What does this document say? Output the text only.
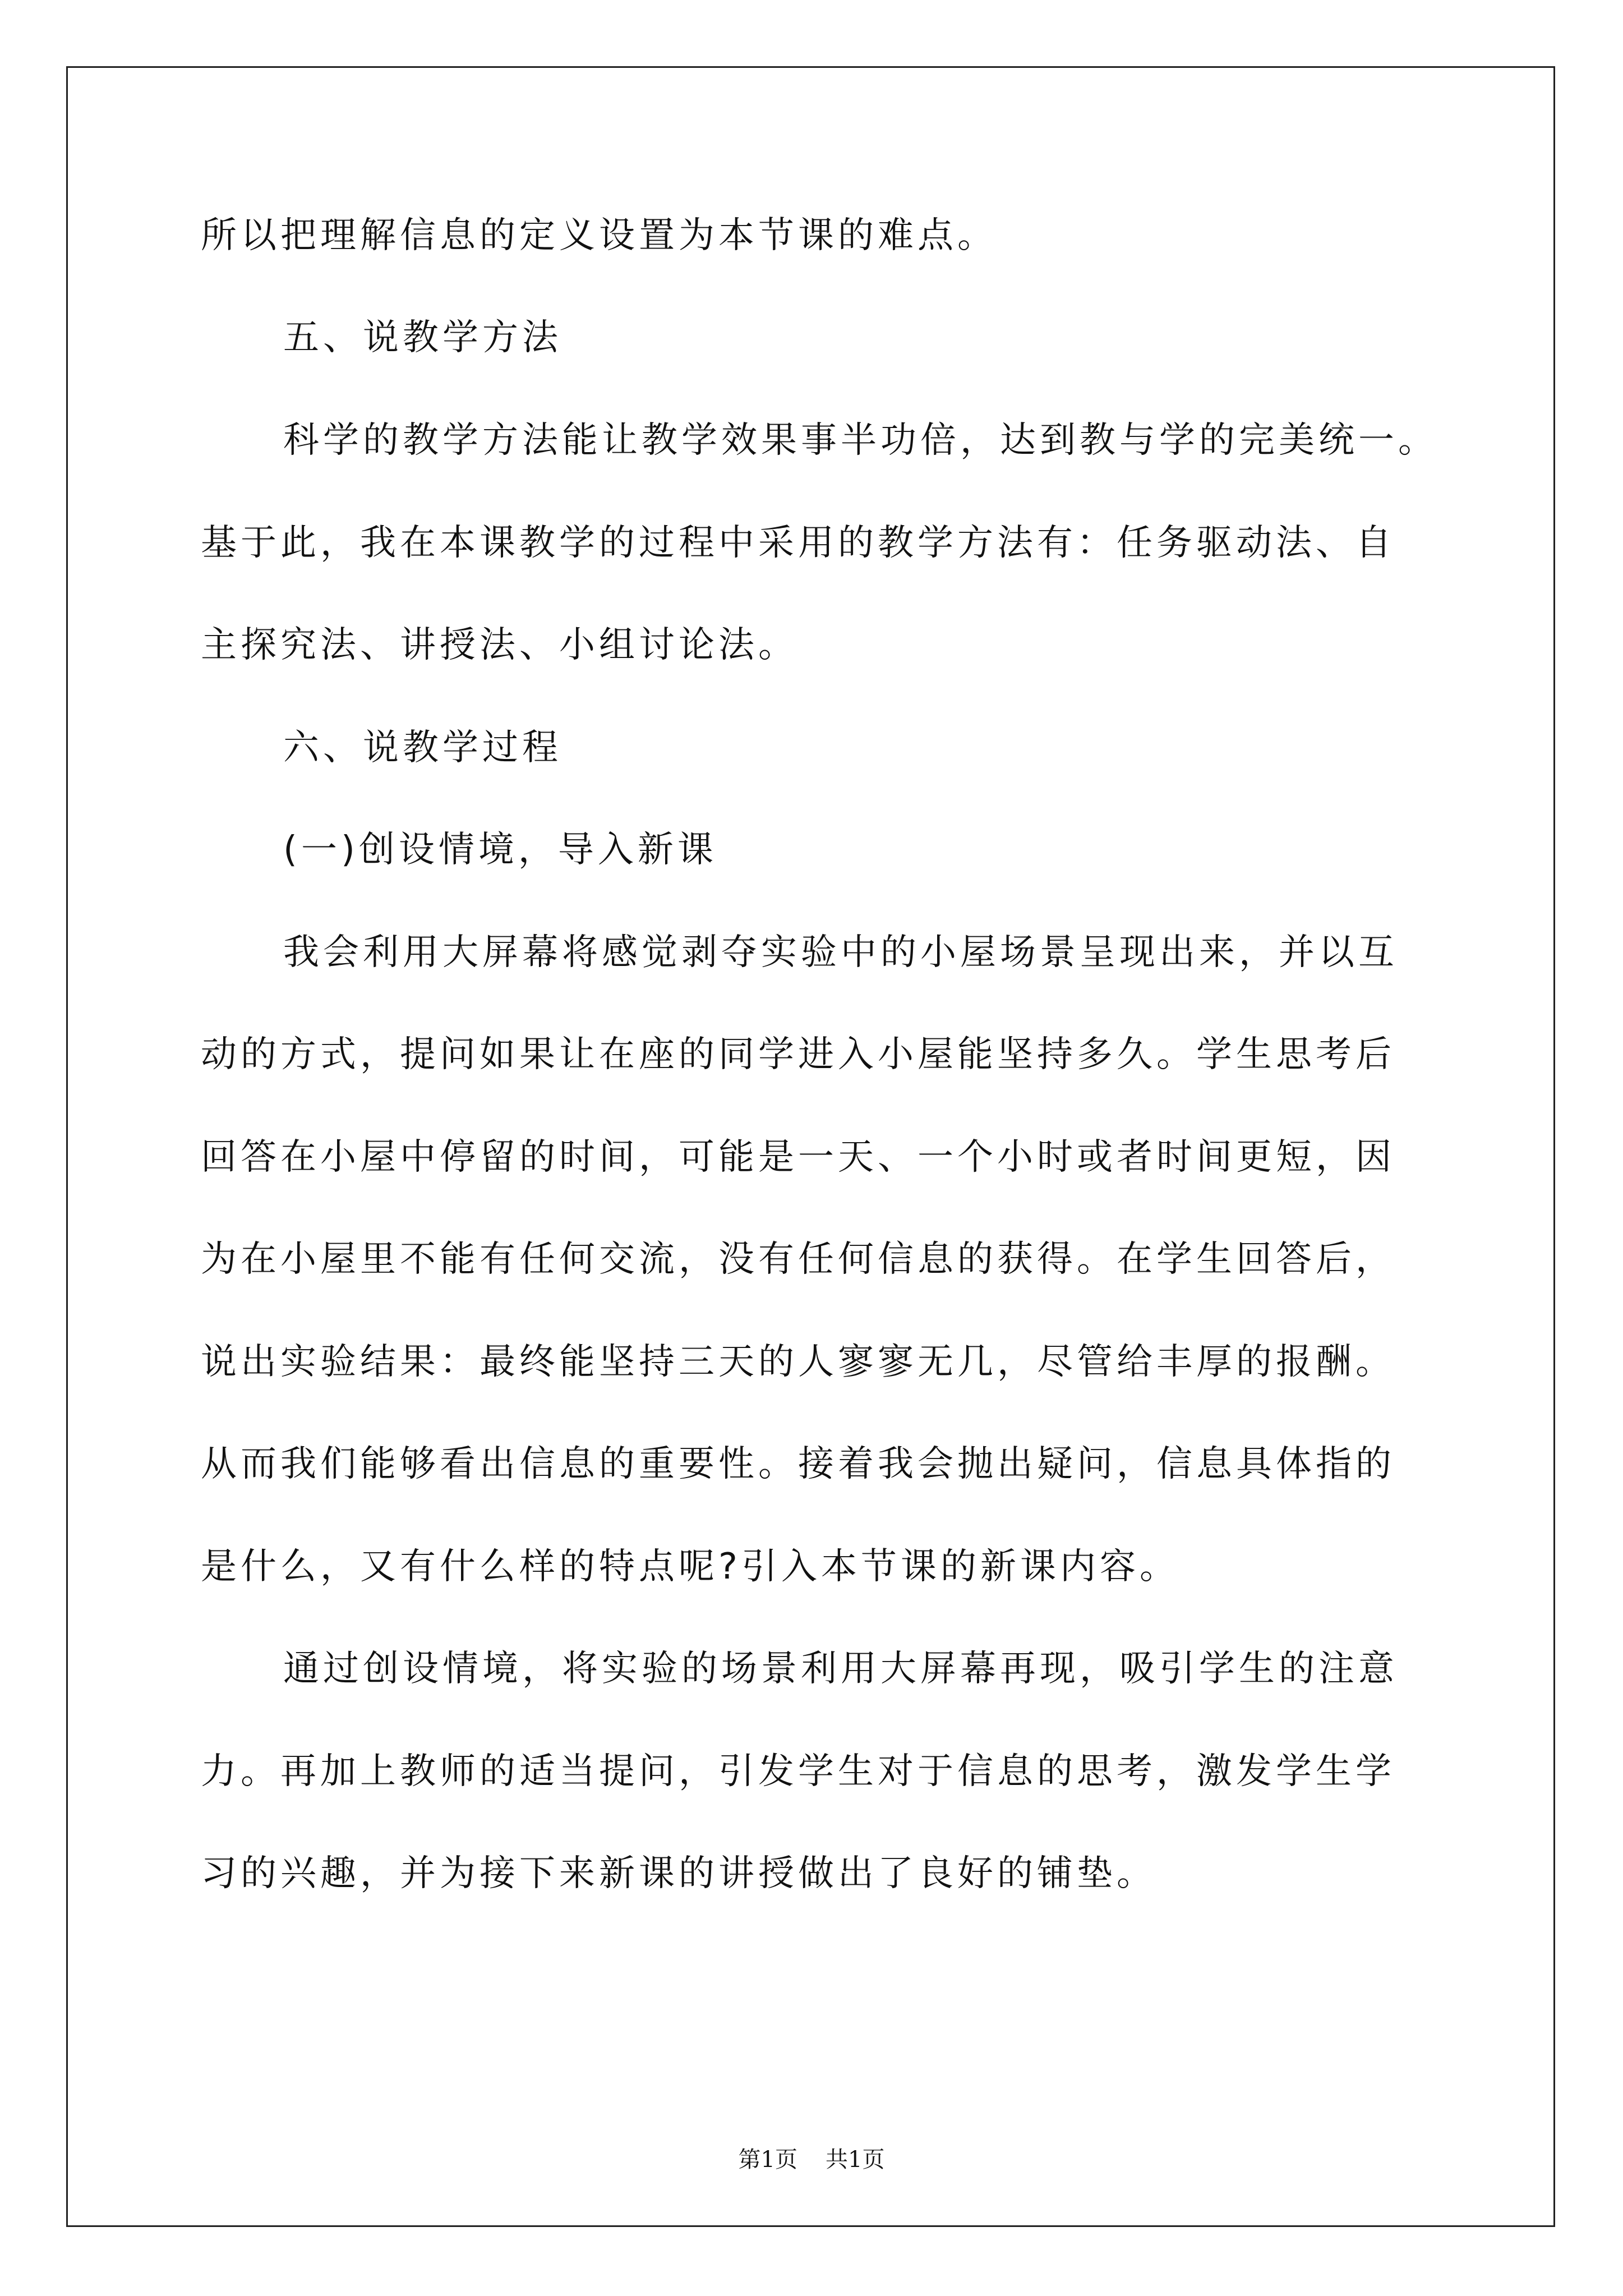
所以把理解信息的定义设置为本节课的难点。
五、说教学方法
科学的教学方法能让教学效果事半功倍，达到教与学的完美统一。
基于此，我在本课教学的过程中采用的教学方法有：任务驱动法、自
主探究法、讲授法、小组讨论法。
六、说教学过程
(一)创设情境，导入新课
我会利用大屏幕将感觉剥夺实验中的小屋场景呈现出来，并以互
动的方式，提问如果让在座的同学进入小屋能坚持多久。学生思考后
回答在小屋中停留的时间，可能是一天、一个小时或者时间更短，因
为在小屋里不能有任何交流，没有任何信息的获得。在学生回答后，
说出实验结果：最终能坚持三天的人寥寥无几，尽管给丰厚的报酬。
从而我们能够看出信息的重要性。接着我会抛出疑问，信息具体指的
是什么，又有什么样的特点呢?引入本节课的新课内容。
通过创设情境，将实验的场景利用大屏幕再现，吸引学生的注意
力。再加上教师的适当提问，引发学生对于信息的思考，激发学生学
习的兴趣，并为接下来新课的讲授做出了良好的铺垫。
第1页 共1页
